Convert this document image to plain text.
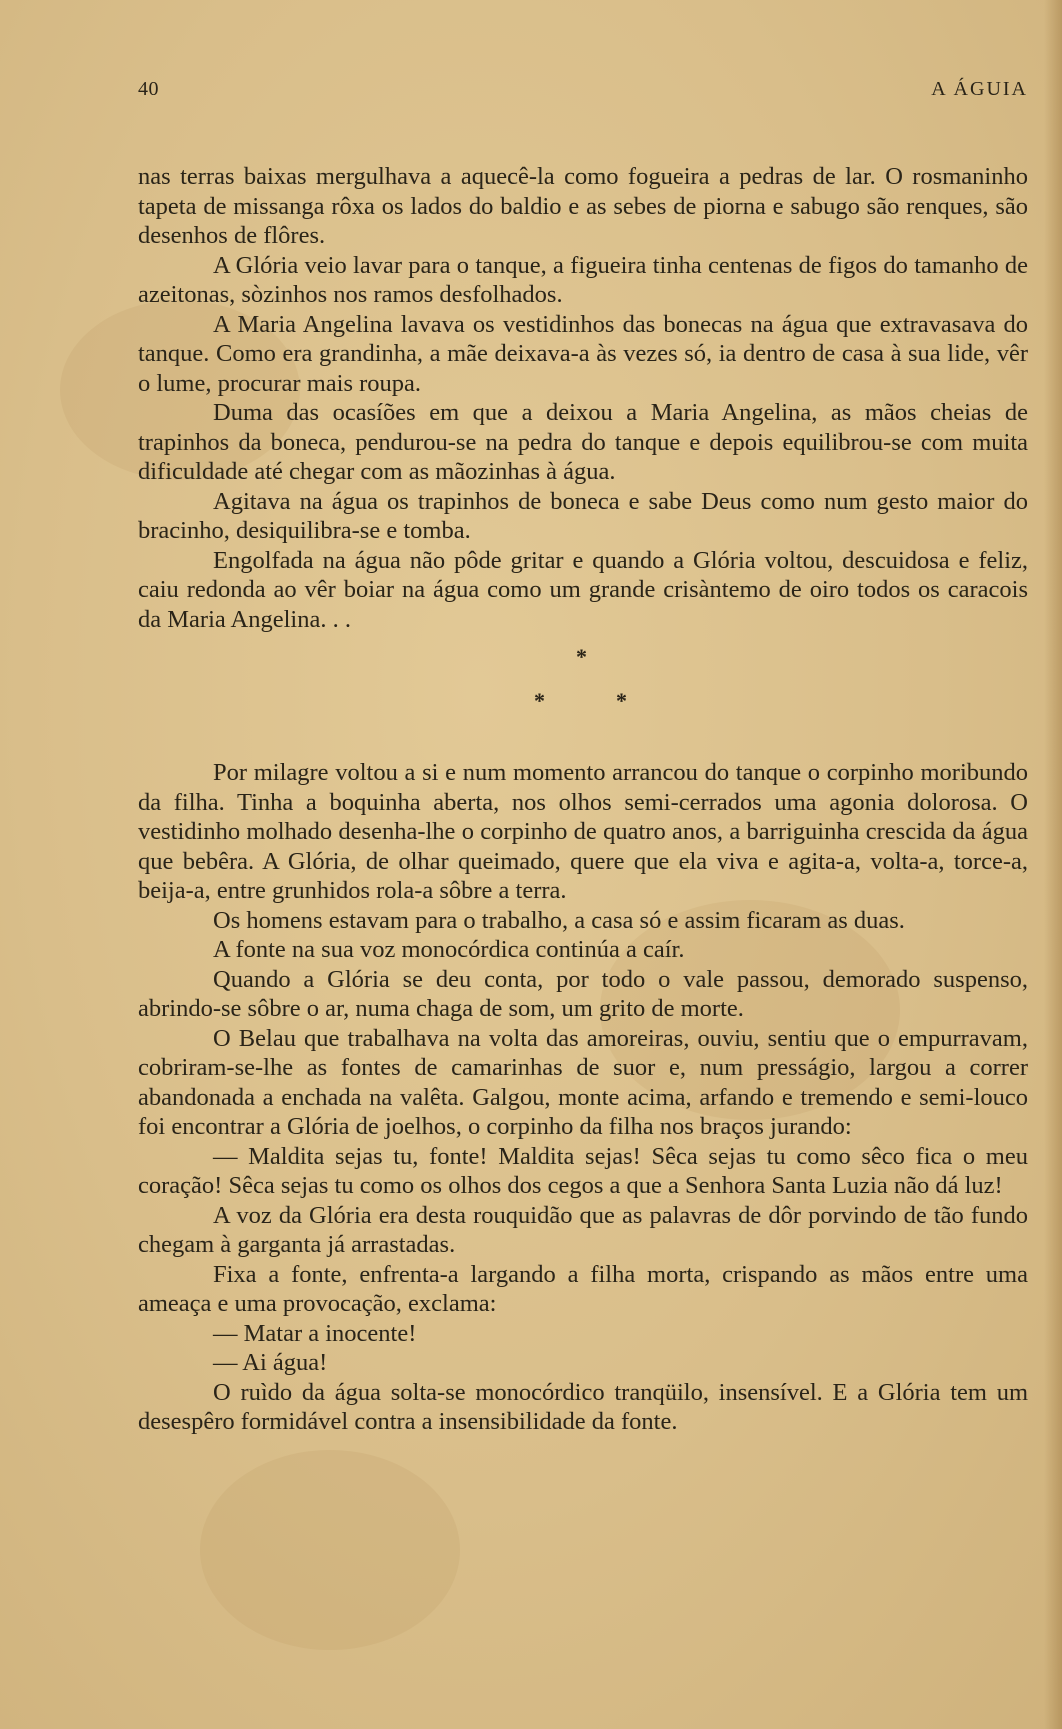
40	A ÁGUIA

nas terras baixas mergulhava a aquecê-la como fogueira a pedras de lar. O rosmaninho tapeta de missanga rôxa os lados do baldio e as sebes de piorna e sabugo são renques, são desenhos de flôres.

A Glória veio lavar para o tanque, a figueira tinha centenas de figos do tamanho de azeitonas, sòzinhos nos ramos desfolhados.

A Maria Angelina lavava os vestidinhos das bonecas na água que extravasava do tanque. Como era grandinha, a mãe deixava-a às vezes só, ia dentro de casa à sua lide, vêr o lume, procurar mais roupa.

Duma das ocasíões em que a deixou a Maria Angelina, as mãos cheias de trapinhos da boneca, pendurou-se na pedra do tanque e depois equilibrou-se com muita dificuldade até chegar com as mãozinhas à água.

Agitava na água os trapinhos de boneca e sabe Deus como num gesto maior do bracinho, desiquilibra-se e tomba.

Engolfada na água não pôde gritar e quando a Glória voltou, descuidosa e feliz, caiu redonda ao vêr boiar na água como um grande crisàntemo de oiro todos os caracois da Maria Angelina. . .

*
*	*

Por milagre voltou a si e num momento arrancou do tanque o corpinho moribundo da filha. Tinha a boquinha aberta, nos olhos semi-cerrados uma agonia dolorosa. O vestidinho molhado desenha-lhe o corpinho de quatro anos, a barriguinha crescida da água que bebêra. A Glória, de olhar queimado, quere que ela viva e agita-a, volta-a, torce-a, beija-a, entre grunhidos rola-a sôbre a terra.

Os homens estavam para o trabalho, a casa só e assim ficaram as duas.

A fonte na sua voz monocórdica continúa a caír.

Quando a Glória se deu conta, por todo o vale passou, demorado suspenso, abrindo-se sôbre o ar, numa chaga de som, um grito de morte.

O Belau que trabalhava na volta das amoreiras, ouviu, sentiu que o empurravam, cobriram-se-lhe as fontes de camarinhas de suor e, num presságio, largou a correr abandonada a enchada na valêta. Galgou, monte acima, arfando e tremendo e semi-louco foi encontrar a Glória de joelhos, o corpinho da filha nos braços jurando:

— Maldita sejas tu, fonte! Maldita sejas! Sêca sejas tu como sêco fica o meu coração! Sêca sejas tu como os olhos dos cegos a que a Senhora Santa Luzia não dá luz!

A voz da Glória era desta rouquidão que as palavras de dôr porvindo de tão fundo chegam à garganta já arrastadas.

Fixa a fonte, enfrenta-a largando a filha morta, crispando as mãos entre uma ameaça e uma provocação, exclama:

— Matar a inocente!

— Ai água!

O ruìdo da água solta-se monocórdico tranqüilo, insensível. E a Glória tem um desespêro formidável contra a insensibilidade da fonte.
